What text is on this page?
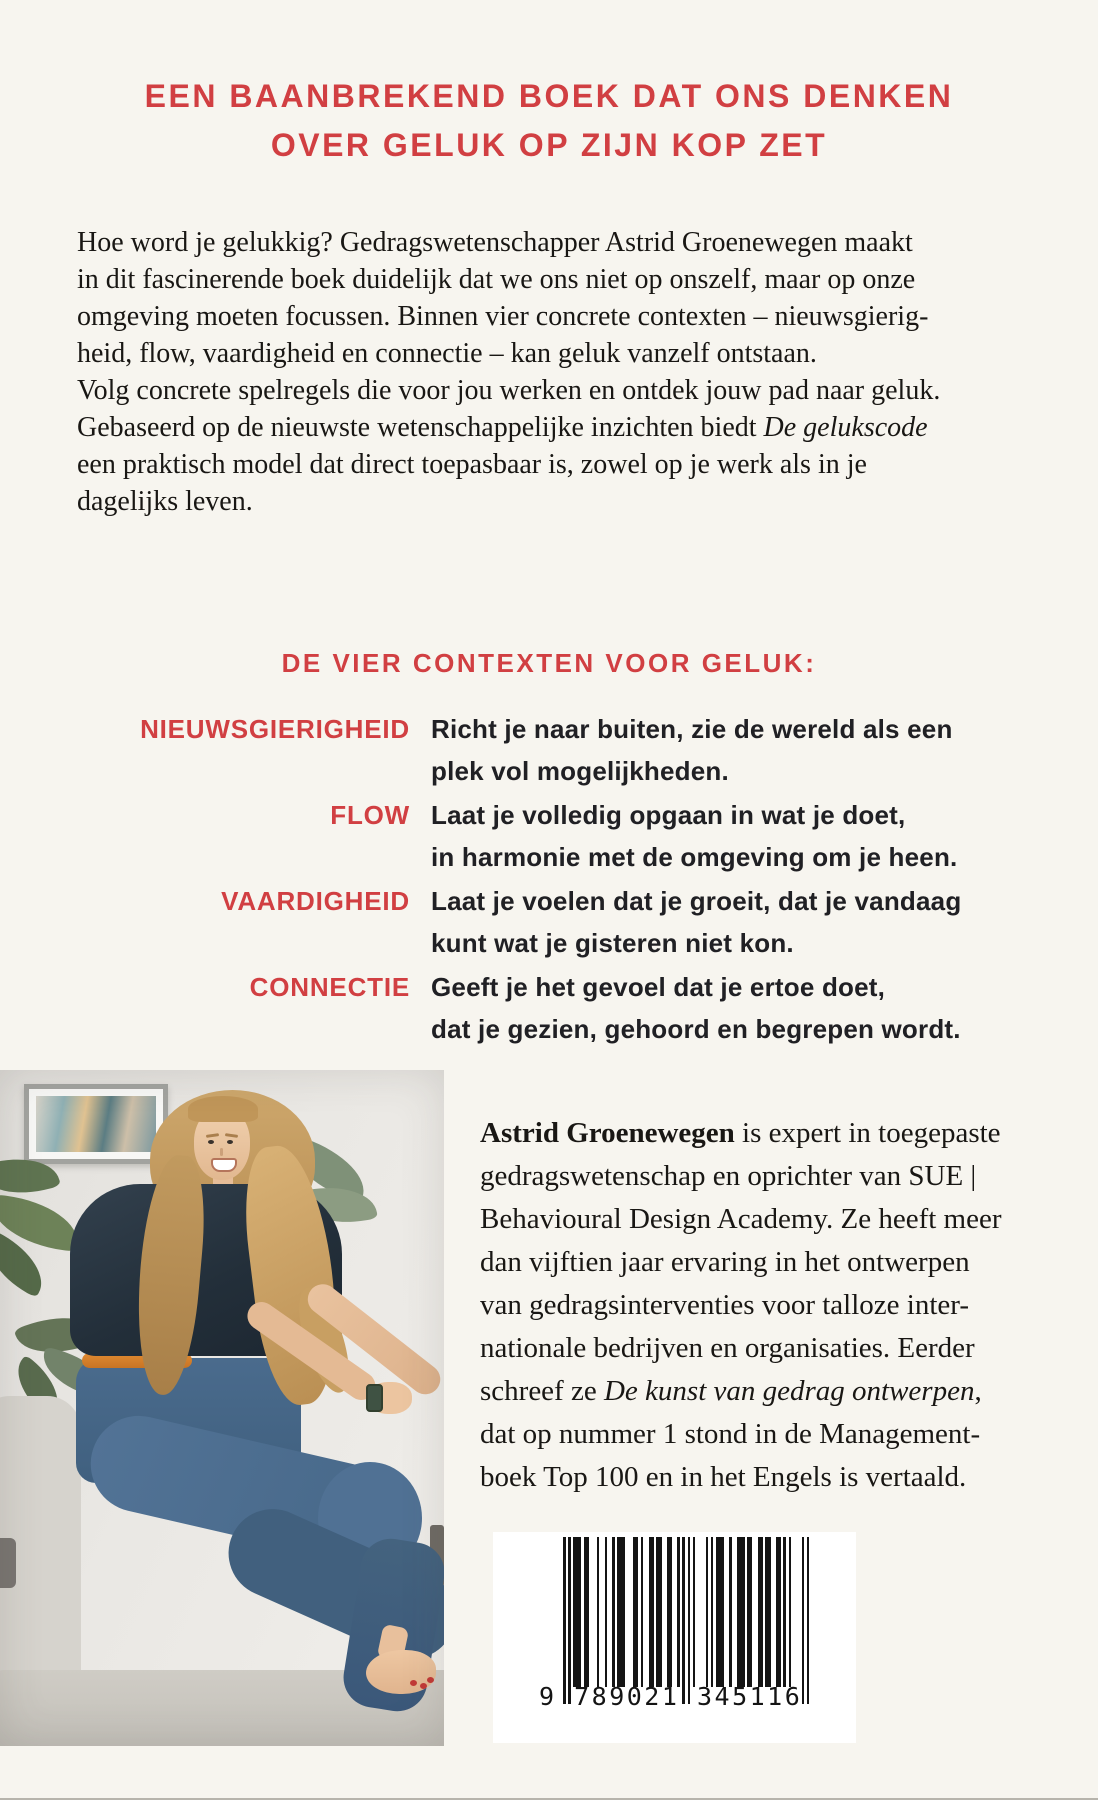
EEN BAANBREKEND BOEK DAT ONS DENKEN
OVER GELUK OP ZIJN KOP ZET
Hoe word je gelukkig? Gedragswetenschapper Astrid Groenewegen maakt
in dit fascinerende boek duidelijk dat we ons niet op onszelf, maar op onze
omgeving moeten focussen. Binnen vier concrete contexten – nieuwsgierig-
heid, flow, vaardigheid en connectie – kan geluk vanzelf ontstaan.
Volg concrete spelregels die voor jou werken en ontdek jouw pad naar geluk.
Gebaseerd op de nieuwste wetenschappelijke inzichten biedt De gelukscode
een praktisch model dat direct toepasbaar is, zowel op je werk als in je
dagelijks leven.
DE VIER CONTEXTEN VOOR GELUK:
NIEUWSGIERIGHEID Richt je naar buiten, zie de wereld als een
plek vol mogelijkheden.
FLOW Laat je volledig opgaan in wat je doet,
in harmonie met de omgeving om je heen.
VAARDIGHEID Laat je voelen dat je groeit, dat je vandaag
kunt wat je gisteren niet kon.
CONNECTIE Geeft je het gevoel dat je ertoe doet,
dat je gezien, gehoord en begrepen wordt.
Astrid Groenewegen is expert in toegepaste
gedragswetenschap en oprichter van SUE |
Behavioural Design Academy. Ze heeft meer
dan vijftien jaar ervaring in het ontwerpen
van gedragsinterventies voor talloze inter-
nationale bedrijven en organisaties. Eerder
schreef ze De kunst van gedrag ontwerpen,
dat op nummer 1 stond in de Management-
boek Top 100 en in het Engels is vertaald.
9 789021 345116
